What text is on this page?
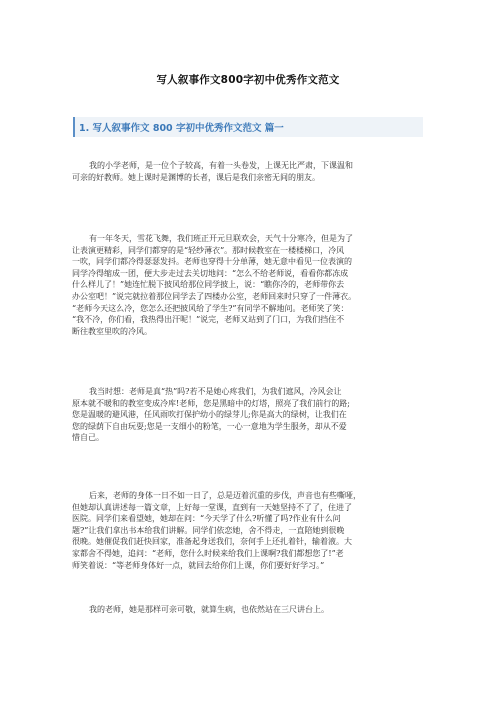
写人叙事作文800字初中优秀作文范文
1. 写人叙事作文 800 字初中优秀作文范文 篇一
我的小学老师，是一位个子较高，有着一头卷发，上课无比严肃，下课温和
可亲的好教师。她上课时是渊博的长者，课后是我们亲密无间的朋友。
有一年冬天，雪花飞舞，我们班正开元旦联欢会，天气十分寒冷，但是为了
让表演更精彩，同学们都穿的是“轻纱薄衣”。那时候教室在一楼楼梯口，冷风
一吹，同学们都冷得瑟瑟发抖。老师也穿得十分单薄，她无意中看见一位表演的
同学冷得缩成一团，便大步走过去关切地问：“怎么不给老师说，看看你都冻成
什么样儿了！”她连忙脱下披风给那位同学披上，说：“瞧你冷的，老师带你去
办公室吧！”说完就拉着那位同学去了四楼办公室，老师回来时只穿了一件薄衣。
“老师今天这么冷，您怎么还把披风给了学生?”有同学不解地问。老师笑了笑：
“我不冷，你们看，我热得出汗呢！”说完，老师又站到了门口，为我们挡住不
断往教室里吹的冷风。
我当时想：老师是真“热”吗?若不是她心疼我们，为我们遮风，冷风会让
原本就不暖和的教室变成冷库!老师，您是黑暗中的灯塔，照亮了我们前行的路;
您是温暖的避风港，任风雨吹打保护幼小的绿芽儿;你是高大的绿树，让我们在
您的绿荫下自由玩耍;您是一支细小的粉笔，一心一意地为学生服务，却从不爱
惜自己。
后来，老师的身体一日不如一日了，总是迈着沉重的步伐，声音也有些嘶哑，
但她却认真讲述每一篇文章，上好每一堂课，直到有一天她坚持不了了，住进了
医院。同学们来看望她，她却在问：“今天学了什么?听懂了吗?作业有什么问
题?”让我们拿出书本给我们讲解。同学们依恋她，舍不得走，一直陪她到很晚
很晚。她催促我们赶快回家，准备起身送我们，奈何手上还扎着针，输着液。大
家都舍不得她，追问：“老师，您什么时候来给我们上课啊?我们都想您了!”老
师笑着说：“等老师身体好一点，就回去给你们上课，你们要好好学习。”
我的老师，她是那样可亲可敬，就算生病，也依然站在三尺讲台上。
